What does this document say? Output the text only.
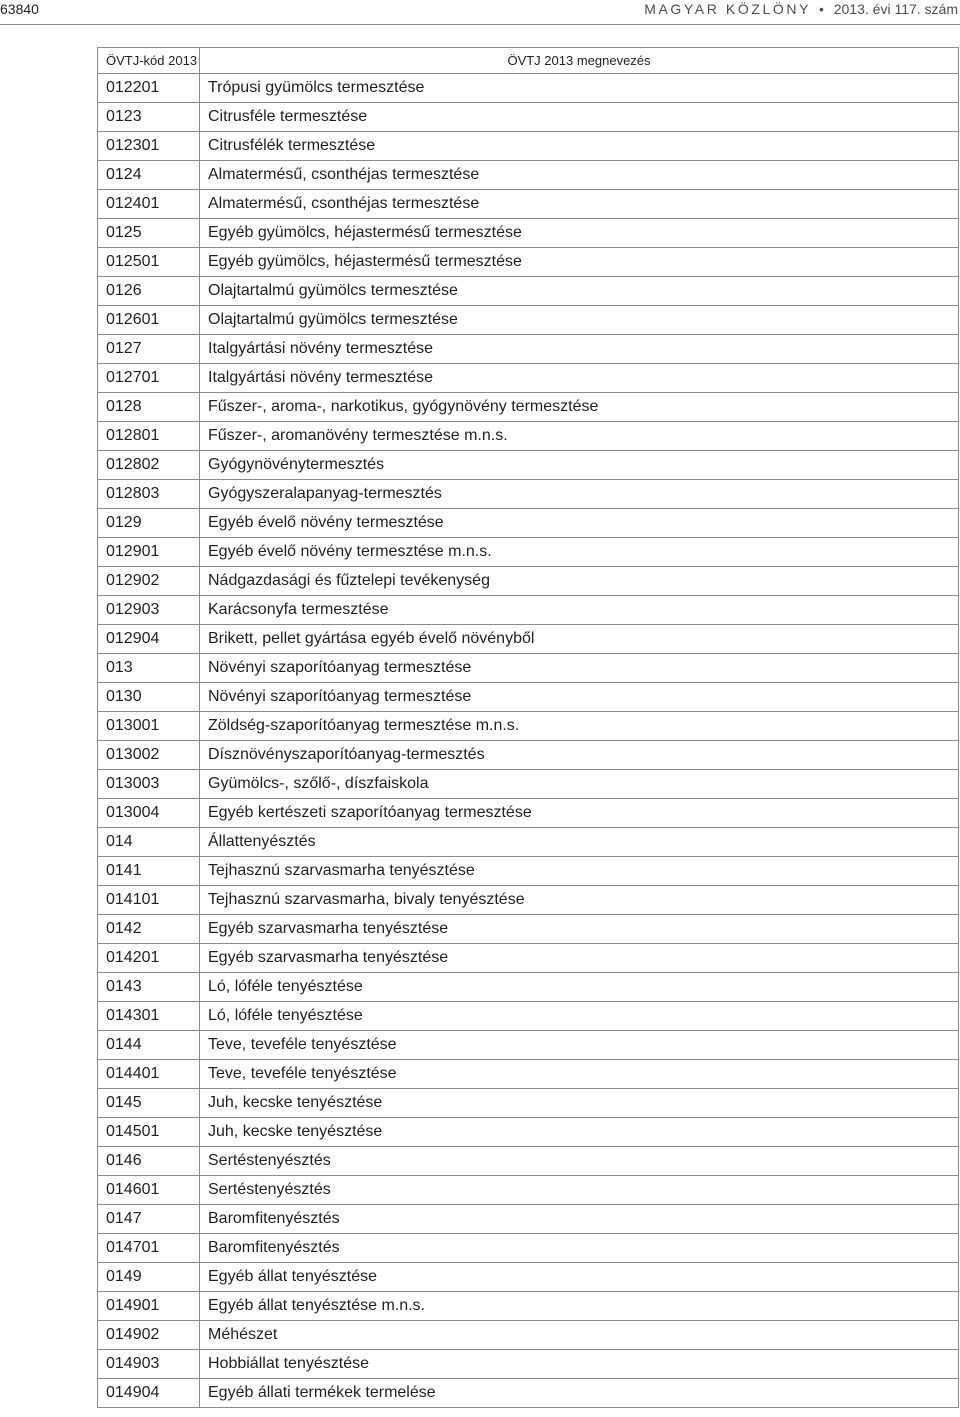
63840	MAGYAR KÖZLÖNY • 2013. évi 117. szám
ÖVTJ-kód 2013	ÖVTJ 2013 megnevezés
012201	Trópusi gyümölcs termesztése
0123	Citrusféle termesztése
012301	Citrusfélék termesztése
0124	Almatermésű, csonthéjas termesztése
012401	Almatermésű, csonthéjas termesztése
0125	Egyéb gyümölcs, héjastermésű termesztése
012501	Egyéb gyümölcs, héjastermésű termesztése
0126	Olajtartalmú gyümölcs termesztése
012601	Olajtartalmú gyümölcs termesztése
0127	Italgyártási növény termesztése
012701	Italgyártási növény termesztése
0128	Fűszer-, aroma-, narkotikus, gyógynövény termesztése
012801	Fűszer-, aromanövény termesztése m.n.s.
012802	Gyógynövénytermesztés
012803	Gyógyszeralapanyag-termesztés
0129	Egyéb évelő növény termesztése
012901	Egyéb évelő növény termesztése m.n.s.
012902	Nádgazdasági és fűztelepi tevékenység
012903	Karácsonyfa termesztése
012904	Brikett, pellet gyártása egyéb évelő növényből
013	Növényi szaporítóanyag termesztése
0130	Növényi szaporítóanyag termesztése
013001	Zöldség-szaporítóanyag termesztése m.n.s.
013002	Dísznövényszaporítóanyag-termesztés
013003	Gyümölcs-, szőlő-, díszfaiskola
013004	Egyéb kertészeti szaporítóanyag termesztése
014	Állattenyésztés
0141	Tejhasznú szarvasmarha tenyésztése
014101	Tejhasznú szarvasmarha, bivaly tenyésztése
0142	Egyéb szarvasmarha tenyésztése
014201	Egyéb szarvasmarha tenyésztése
0143	Ló, lóféle tenyésztése
014301	Ló, lóféle tenyésztése
0144	Teve, teveféle tenyésztése
014401	Teve, teveféle tenyésztése
0145	Juh, kecske tenyésztése
014501	Juh, kecske tenyésztése
0146	Sertéstenyésztés
014601	Sertéstenyésztés
0147	Baromfitenyésztés
014701	Baromfitenyésztés
0149	Egyéb állat tenyésztése
014901	Egyéb állat tenyésztése m.n.s.
014902	Méhészet
014903	Hobbiállat tenyésztése
014904	Egyéb állati termékek termelése
